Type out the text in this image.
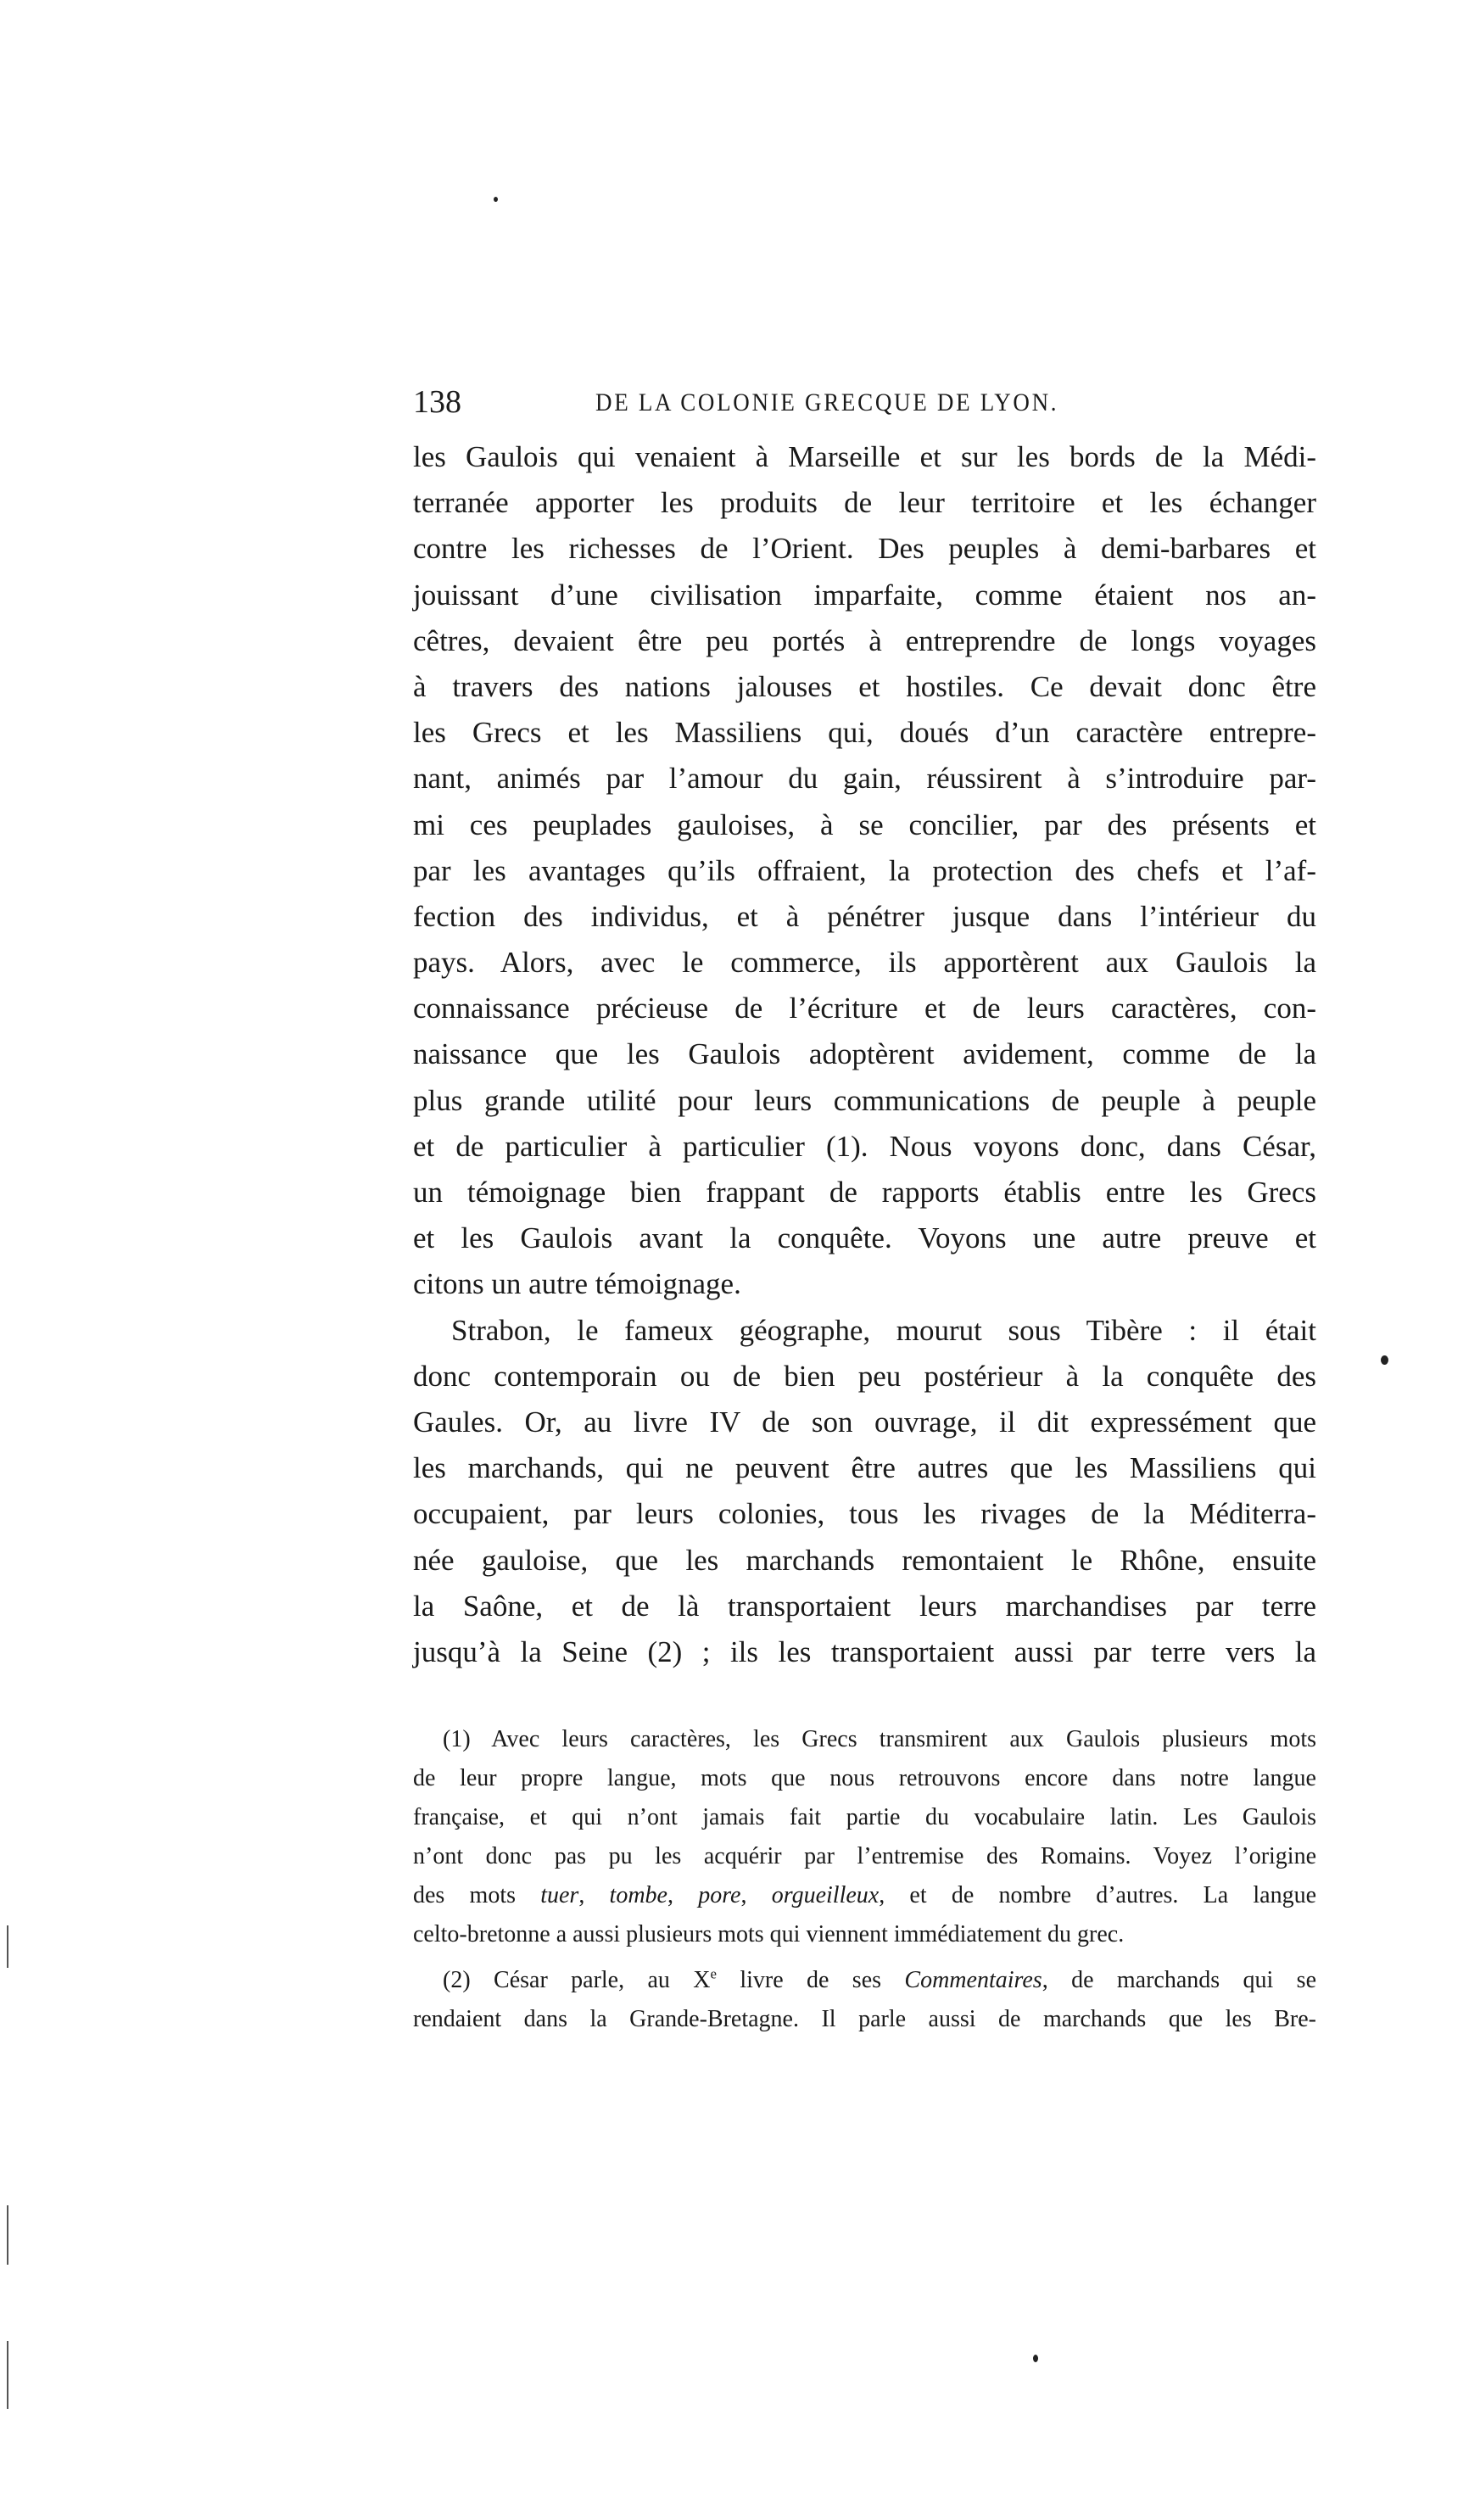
138	DE LA COLONIE GRECQUE DE LYON.
les Gaulois qui venaient à Marseille et sur les bords de la Médi-
terranée apporter les produits de leur territoire et les échanger
contre les richesses de l’Orient. Des peuples à demi-barbares et
jouissant d’une civilisation imparfaite, comme étaient nos an-
cêtres, devaient être peu portés à entreprendre de longs voyages
à travers des nations jalouses et hostiles. Ce devait donc être
les Grecs et les Massiliens qui, doués d’un caractère entrepre-
nant, animés par l’amour du gain, réussirent à s’introduire par-
mi ces peuplades gauloises, à se concilier, par des présents et
par les avantages qu’ils offraient, la protection des chefs et l’af-
fection des individus, et à pénétrer jusque dans l’intérieur du
pays. Alors, avec le commerce, ils apportèrent aux Gaulois la
connaissance précieuse de l’écriture et de leurs caractères, con-
naissance que les Gaulois adoptèrent avidement, comme de la
plus grande utilité pour leurs communications de peuple à peuple
et de particulier à particulier (1). Nous voyons donc, dans César,
un témoignage bien frappant de rapports établis entre les Grecs
et les Gaulois avant la conquête. Voyons une autre preuve et
citons un autre témoignage.
Strabon, le fameux géographe, mourut sous Tibère : il était
donc contemporain ou de bien peu postérieur à la conquête des
Gaules. Or, au livre IV de son ouvrage, il dit expressément que
les marchands, qui ne peuvent être autres que les Massiliens qui
occupaient, par leurs colonies, tous les rivages de la Méditerra-
née gauloise, que les marchands remontaient le Rhône, ensuite
la Saône, et de là transportaient leurs marchandises par terre
jusqu’à la Seine (2) ; ils les transportaient aussi par terre vers la
(1) Avec leurs caractères, les Grecs transmirent aux Gaulois plusieurs mots
de leur propre langue, mots que nous retrouvons encore dans notre langue
française, et qui n’ont jamais fait partie du vocabulaire latin. Les Gaulois
n’ont donc pas pu les acquérir par l’entremise des Romains. Voyez l’origine
des mots tuer, tombe, pore, orgueilleux, et de nombre d’autres. La langue
celto-bretonne a aussi plusieurs mots qui viennent immédiatement du grec.
(2) César parle, au Xe livre de ses Commentaires, de marchands qui se
rendaient dans la Grande-Bretagne. Il parle aussi de marchands que les Bre-
